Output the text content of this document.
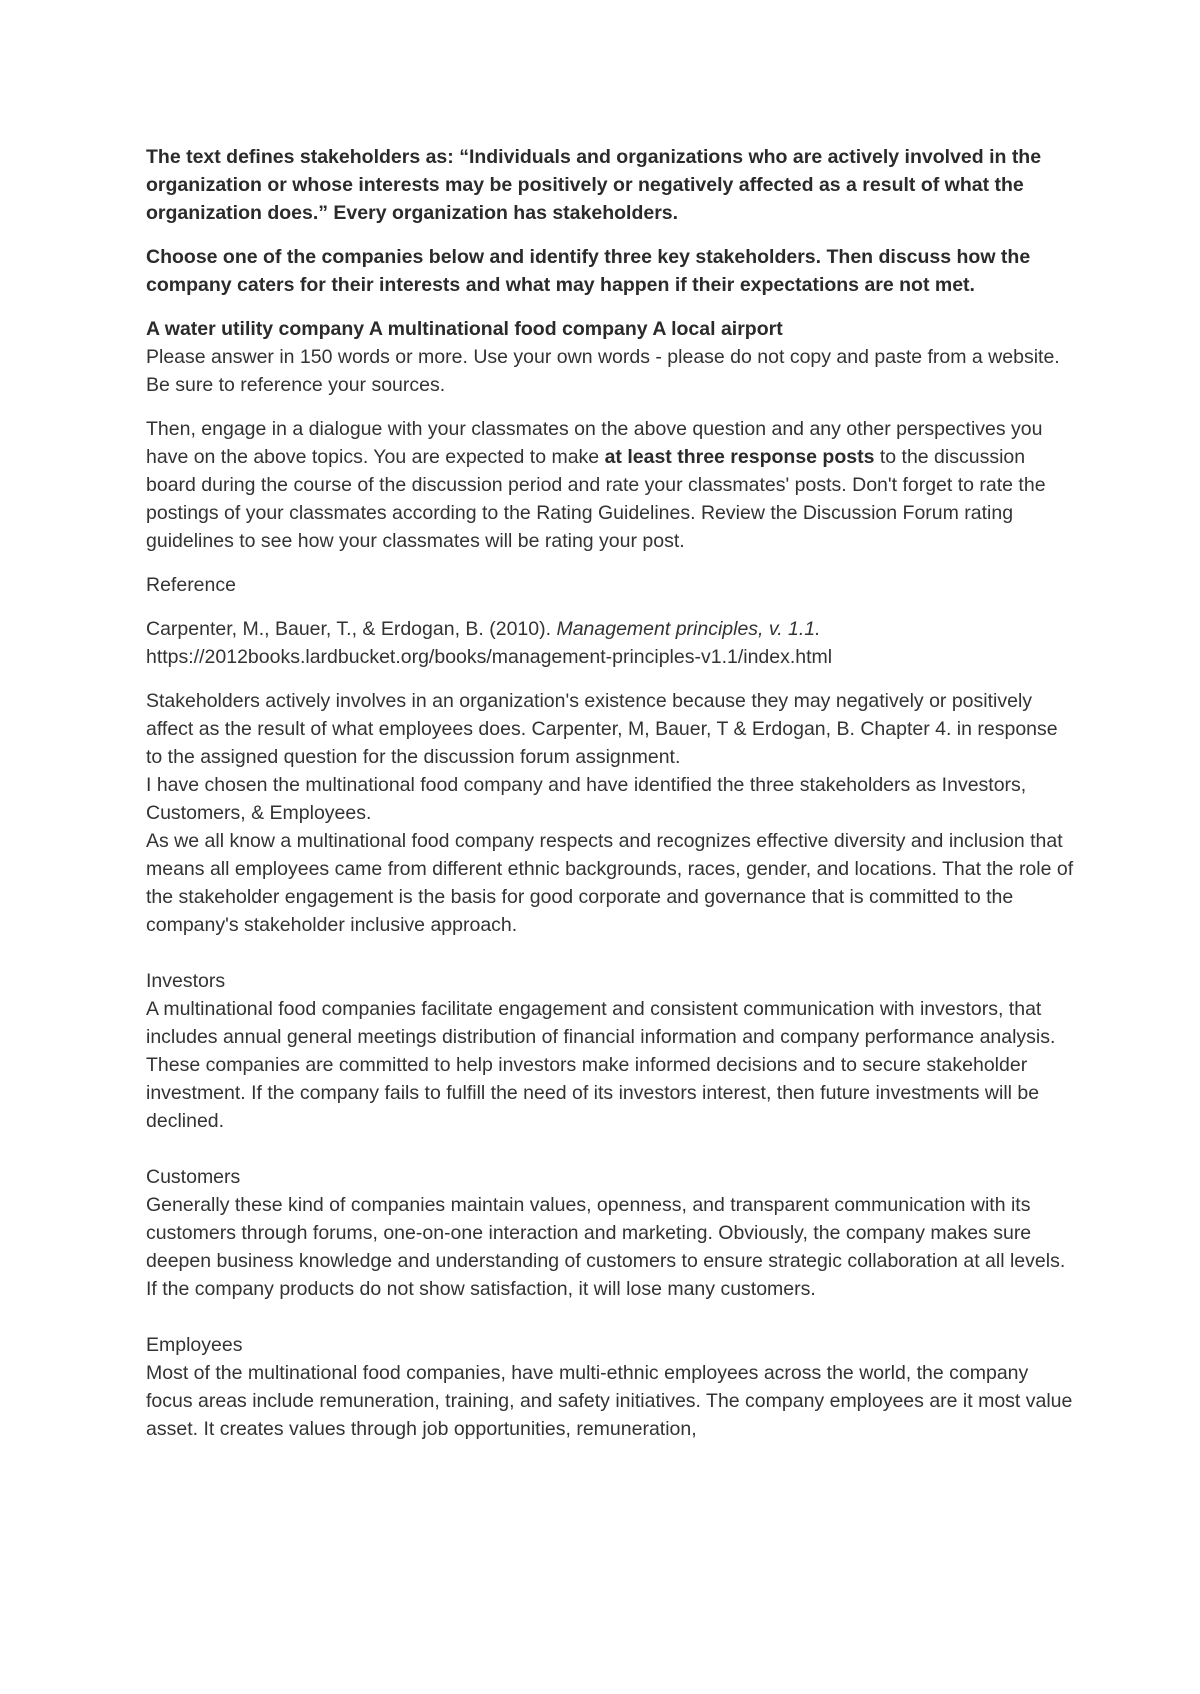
The text defines stakeholders as: “Individuals and organizations who are actively involved in the organization or whose interests may be positively or negatively affected as a result of what the organization does.” Every organization has stakeholders.

Choose one of the companies below and identify three key stakeholders. Then discuss how the company caters for their interests and what may happen if their expectations are not met.

A water utility company A multinational food company A local airport

Please answer in 150 words or more. Use your own words - please do not copy and paste from a website. Be sure to reference your sources.

Then, engage in a dialogue with your classmates on the above question and any other perspectives you have on the above topics. You are expected to make at least three response posts to the discussion board during the course of the discussion period and rate your classmates' posts. Don't forget to rate the postings of your classmates according to the Rating Guidelines. Review the Discussion Forum rating guidelines to see how your classmates will be rating your post.

Reference

Carpenter, M., Bauer, T., & Erdogan, B. (2010). Management principles, v. 1.1.
https://2012books.lardbucket.org/books/management-principles-v1.1/index.html

Stakeholders actively involves in an organization's existence because they may negatively or positively affect as the result of what employees does. Carpenter, M, Bauer, T & Erdogan, B. Chapter 4. in response to the assigned question for the discussion forum assignment.

I have chosen the multinational food company and have identified the three stakeholders as Investors, Customers, & Employees.

As we all know a multinational food company respects and recognizes effective diversity and inclusion that means all employees came from different ethnic backgrounds, races, gender, and locations. That the role of the stakeholder engagement is the basis for good corporate and governance that is committed to the company's stakeholder inclusive approach.

Investors

A multinational food companies facilitate engagement and consistent communication with investors, that includes annual general meetings distribution of financial information and company performance analysis. These companies are committed to help investors make informed decisions and to secure stakeholder investment. If the company fails to fulfill the need of its investors interest, then future investments will be declined.

Customers

Generally these kind of companies maintain values, openness, and transparent communication with its customers through forums, one-on-one interaction and marketing. Obviously, the company makes sure deepen business knowledge and understanding of customers to ensure strategic collaboration at all levels. If the company products do not show satisfaction, it will lose many customers.

Employees

Most of the multinational food companies, have multi-ethnic employees across the world, the company focus areas include remuneration, training, and safety initiatives. The company employees are it most value asset. It creates values through job opportunities, remuneration,
